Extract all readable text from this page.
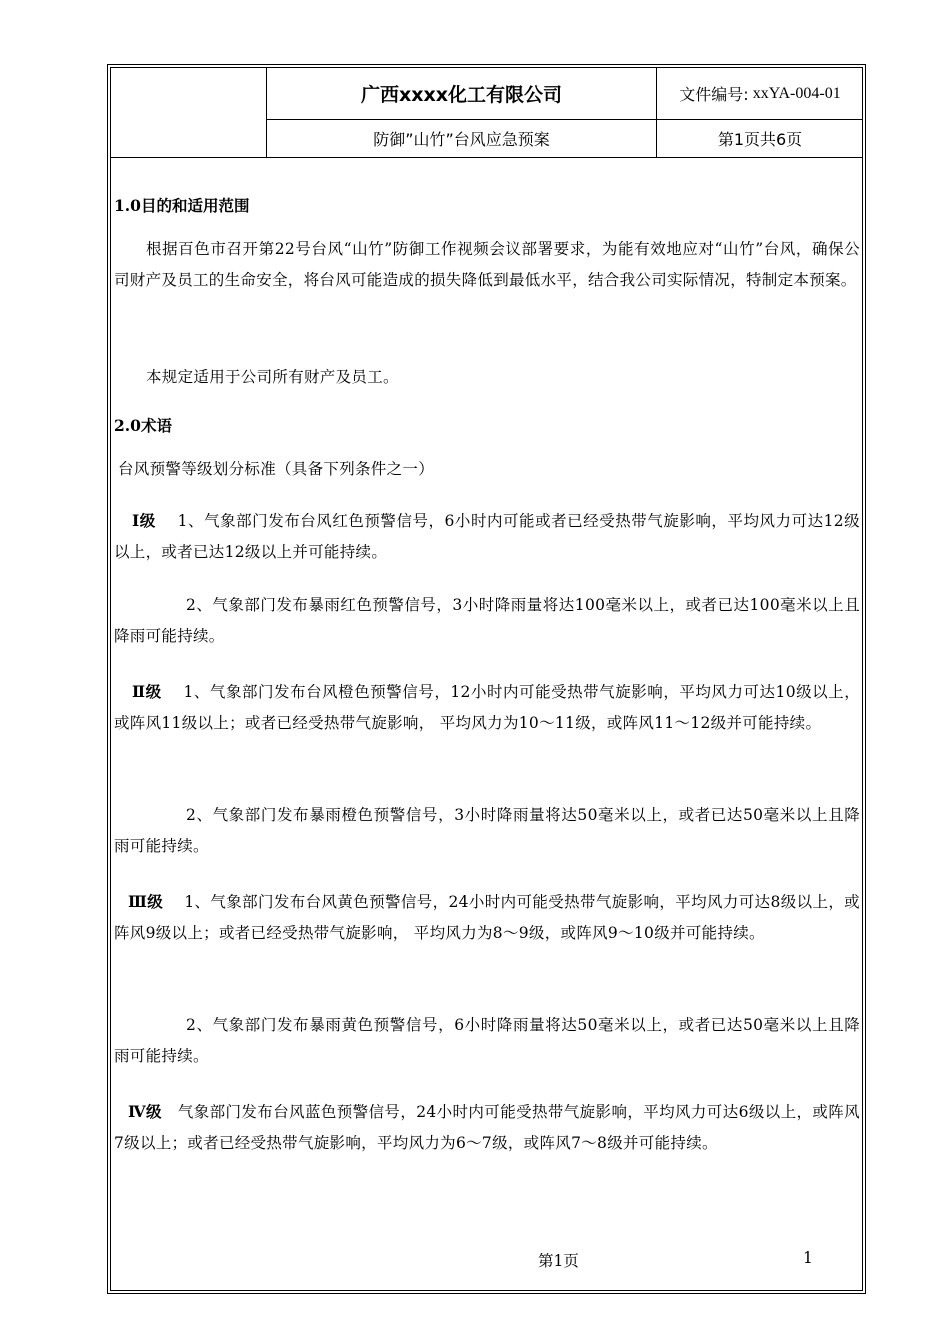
广西xxxx化工有限公司	文件编号: xxYA-004-01
防御”山竹”台风应急预案	第1页共6页
1.0目的和适用范围
根据百色市召开第22号台风“山竹”防御工作视频会议部署要求，为能有效地应对“山竹”台风，确保公司财产及员工的生命安全，将台风可能造成的损失降低到最低水平，结合我公司实际情况，特制定本预案。
本规定适用于公司所有财产及员工。
2.0术语
台风预警等级划分标准（具备下列条件之一）
Ⅰ级 1、气象部门发布台风红色预警信号，6小时内可能或者已经受热带气旋影响，平均风力可达12级以上，或者已达12级以上并可能持续。
2、气象部门发布暴雨红色预警信号，3小时降雨量将达100毫米以上，或者已达100毫米以上且降雨可能持续。
Ⅱ级 1、气象部门发布台风橙色预警信号，12小时内可能受热带气旋影响，平均风力可达10级以上，或阵风11级以上；或者已经受热带气旋影响， 平均风力为10～11级，或阵风11～12级并可能持续。
2、气象部门发布暴雨橙色预警信号，3小时降雨量将达50毫米以上，或者已达50毫米以上且降雨可能持续。
Ⅲ级 1、气象部门发布台风黄色预警信号，24小时内可能受热带气旋影响，平均风力可达8级以上，或阵风9级以上；或者已经受热带气旋影响， 平均风力为8～9级，或阵风9～10级并可能持续。
2、气象部门发布暴雨黄色预警信号，6小时降雨量将达50毫米以上，或者已达50毫米以上且降雨可能持续。
Ⅳ级 气象部门发布台风蓝色预警信号，24小时内可能受热带气旋影响，平均风力可达6级以上，或阵风7级以上；或者已经受热带气旋影响，平均风力为6～7级，或阵风7～8级并可能持续。
第1页	1
